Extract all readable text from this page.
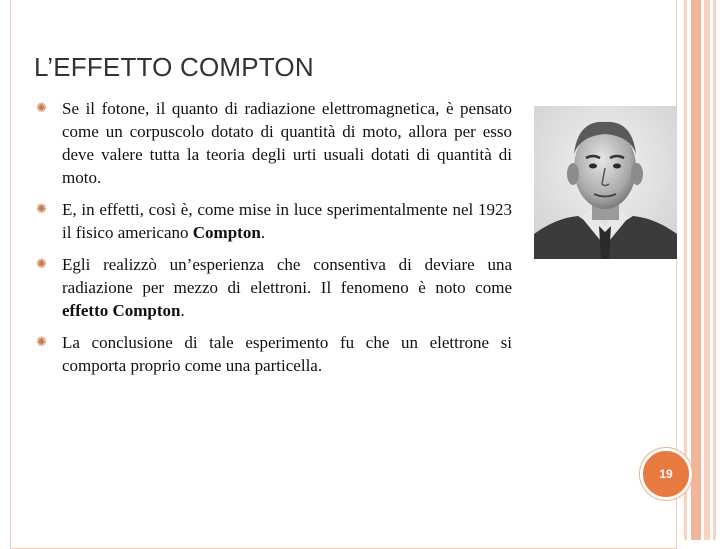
L’EFFETTO COMPTON
✺ Se il fotone, il quanto di radiazione elettromagnetica, è pensato come un corpuscolo dotato di quantità di moto, allora per esso deve valere tutta la teoria degli urti usuali dotati di quantità di moto.
✺ E, in effetti, così è, come mise in luce sperimentalmente nel 1923 il fisico americano Compton.
✺ Egli realizzò un’esperienza che consentiva di deviare una radiazione per mezzo di elettroni. Il fenomeno è noto come effetto Compton.
✺ La conclusione di tale esperimento fu che un elettrone si comporta proprio come una particella.
19
